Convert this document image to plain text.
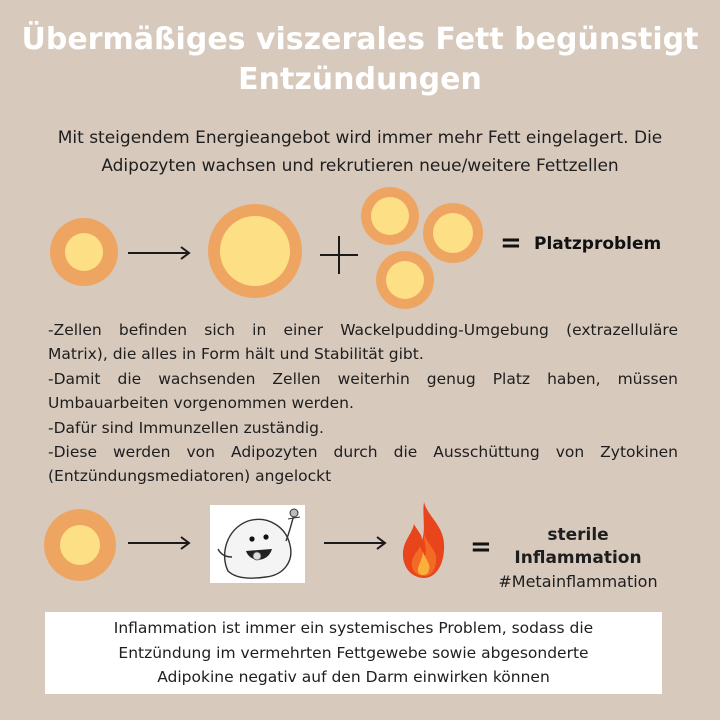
Übermäßiges viszerales Fett begünstigt
Entzündungen

Mit steigendem Energieangebot wird immer mehr Fett eingelagert. Die
Adipozyten wachsen und rekrutieren neue/weitere Fettzellen

= Platzproblem

-Zellen befinden sich in einer Wackelpudding-Umgebung (extrazelluläre
Matrix), die alles in Form hält und Stabilität gibt.
-Damit die wachsenden Zellen weiterhin genug Platz haben, müssen
Umbauarbeiten vorgenommen werden.
-Dafür sind Immunzellen zuständig.
-Diese werden von Adipozyten durch die Ausschüttung von Zytokinen
(Entzündungsmediatoren) angelockt

=	sterile
Inflammation
#Metainflammation
Inflammation ist immer ein systemisches Problem, sodass die
Entzündung im vermehrten Fettgewebe sowie abgesonderte
Adipokine negativ auf den Darm einwirken können
